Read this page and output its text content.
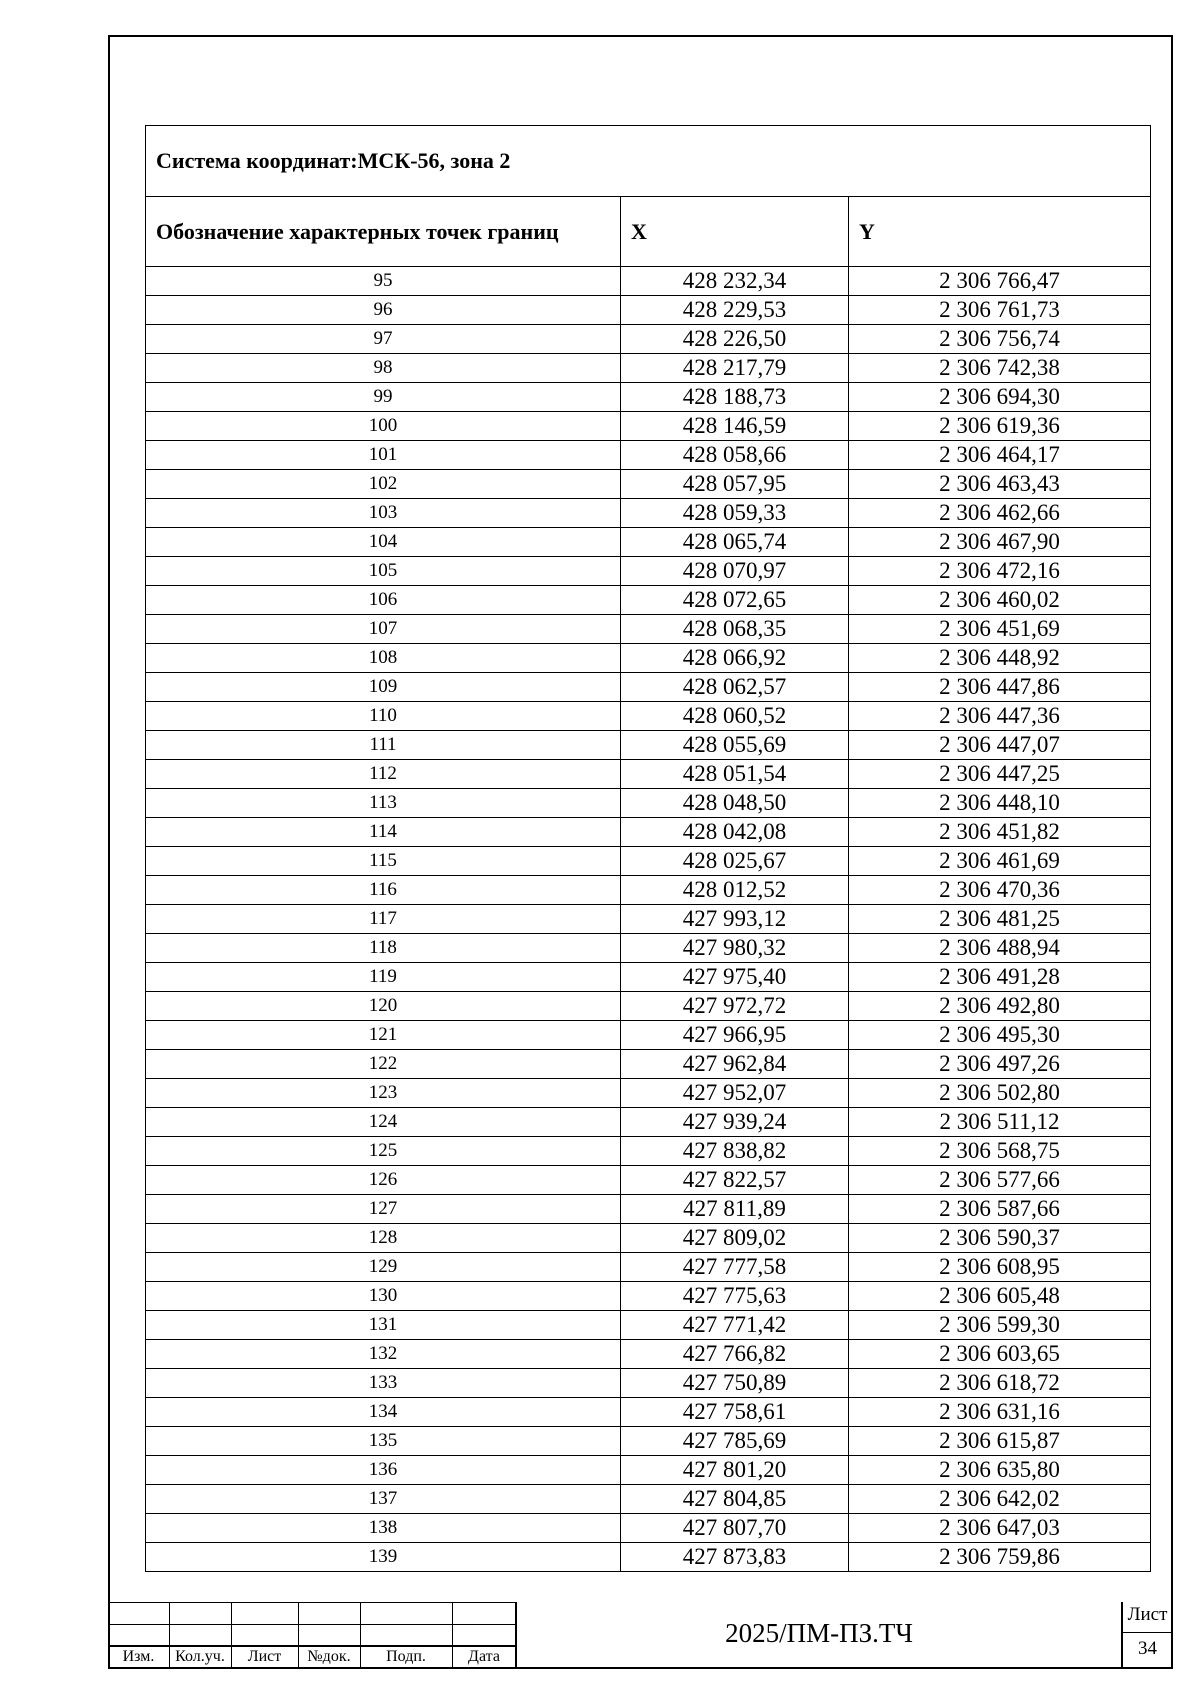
Система координат:МСК-56, зона 2		
Обозначение характерных точек границ	X	Y
95	428 232,34	2 306 766,47
96	428 229,53	2 306 761,73
97	428 226,50	2 306 756,74
98	428 217,79	2 306 742,38
99	428 188,73	2 306 694,30
100	428 146,59	2 306 619,36
101	428 058,66	2 306 464,17
102	428 057,95	2 306 463,43
103	428 059,33	2 306 462,66
104	428 065,74	2 306 467,90
105	428 070,97	2 306 472,16
106	428 072,65	2 306 460,02
107	428 068,35	2 306 451,69
108	428 066,92	2 306 448,92
109	428 062,57	2 306 447,86
110	428 060,52	2 306 447,36
111	428 055,69	2 306 447,07
112	428 051,54	2 306 447,25
113	428 048,50	2 306 448,10
114	428 042,08	2 306 451,82
115	428 025,67	2 306 461,69
116	428 012,52	2 306 470,36
117	427 993,12	2 306 481,25
118	427 980,32	2 306 488,94
119	427 975,40	2 306 491,28
120	427 972,72	2 306 492,80
121	427 966,95	2 306 495,30
122	427 962,84	2 306 497,26
123	427 952,07	2 306 502,80
124	427 939,24	2 306 511,12
125	427 838,82	2 306 568,75
126	427 822,57	2 306 577,66
127	427 811,89	2 306 587,66
128	427 809,02	2 306 590,37
129	427 777,58	2 306 608,95
130	427 775,63	2 306 605,48
131	427 771,42	2 306 599,30
132	427 766,82	2 306 603,65
133	427 750,89	2 306 618,72
134	427 758,61	2 306 631,16
135	427 785,69	2 306 615,87
136	427 801,20	2 306 635,80
137	427 804,85	2 306 642,02
138	427 807,70	2 306 647,03
139	427 873,83	2 306 759,86
Изм.	Кол.уч.	Лист	№док.	Подп.	Дата
2025/ПМ-ПЗ.ТЧ
Лист
34
